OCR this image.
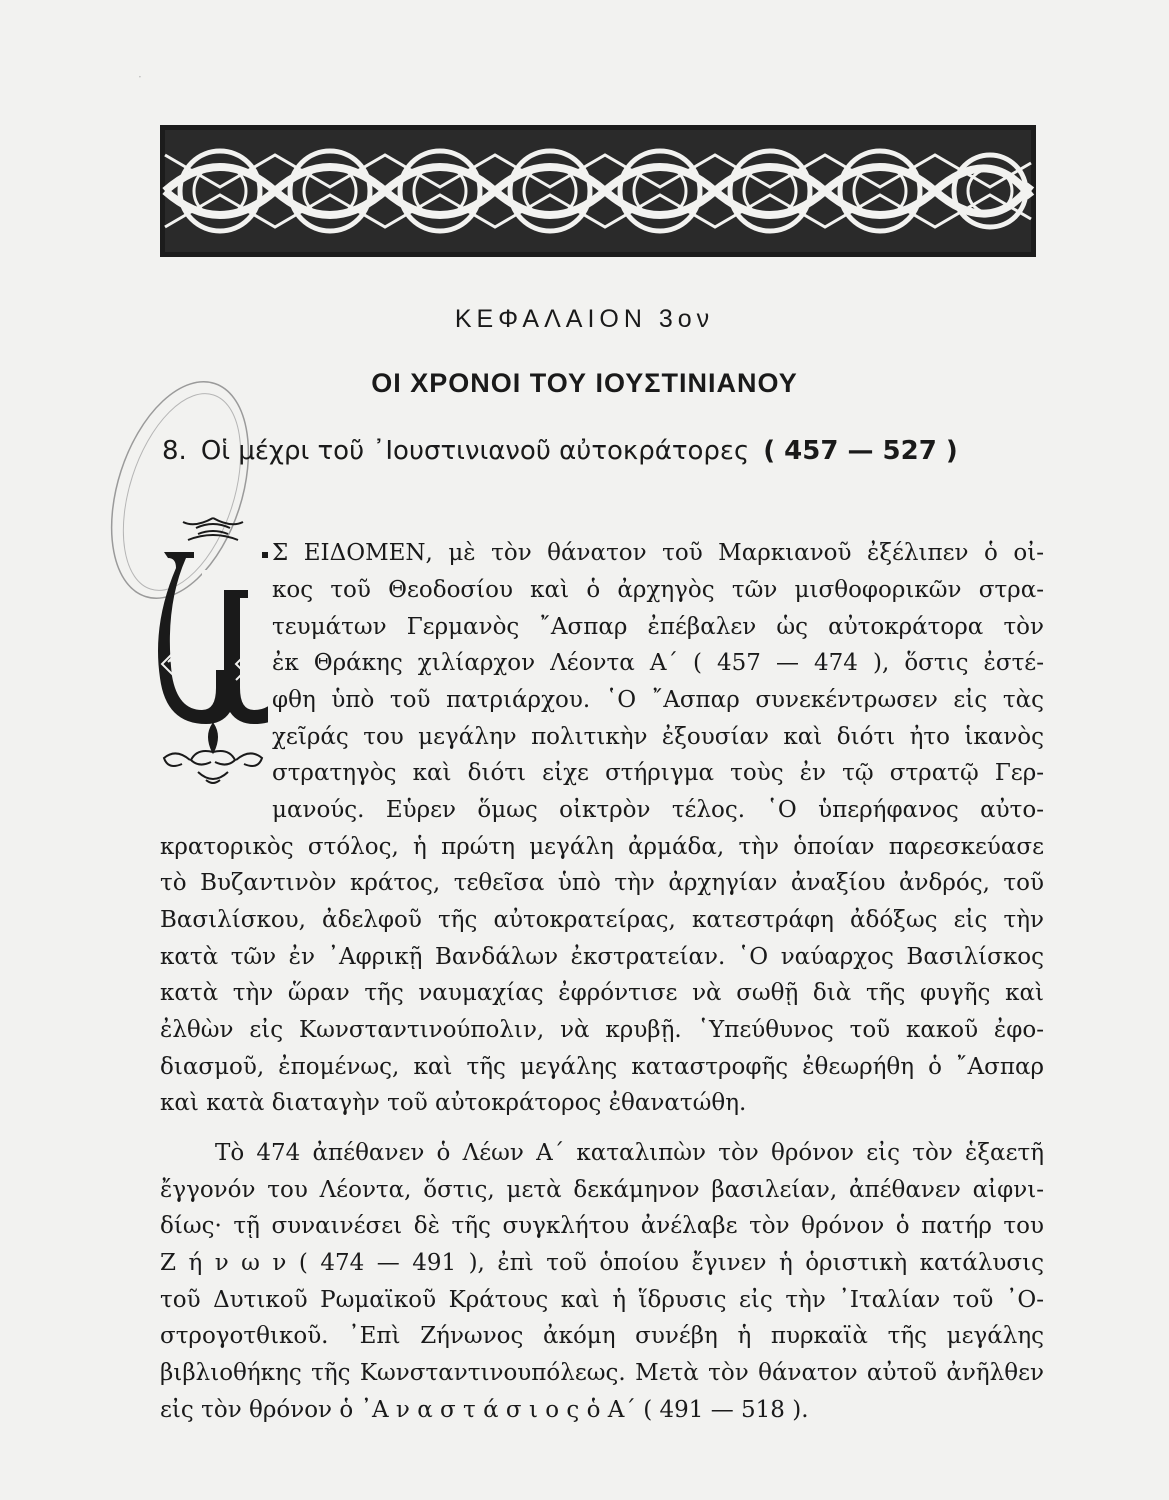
·
ΚΕΦΑΛΑΙΟΝ 3ον
ΟΙ ΧΡΟΝΟΙ ΤΟΥ ΙΟΥΣΤΙΝΙΑΝΟΥ
8. Οἱ μέχρι τοῦ ᾿Ιουστινιανοῦ αὐτοκράτορες ( 457 — 527 )
Σ ΕΙΔΟΜΕΝ, μὲ τὸν θάνατον τοῦ Μαρκιανοῦ ἐξέλιπεν ὁ οἶ-
κος τοῦ Θεοδοσίου καὶ ὁ ἀρχηγὸς τῶν μισθοφορικῶν στρα-
τευμάτων Γερμανὸς ῎Ασπαρ ἐπέβαλεν ὡς αὐτοκράτορα τὸν
ἐκ Θράκης χιλίαρχον Λέοντα Α΄ ( 457 — 474 ), ὅστις ἐστέ-
φθη ὑπὸ τοῦ πατριάρχου. ῾Ο ῎Ασπαρ συνεκέντρωσεν εἰς τὰς
χεῖράς του μεγάλην πολιτικὴν ἐξουσίαν καὶ διότι ἦτο ἱκανὸς
στρατηγὸς καὶ διότι εἶχε στήριγμα τοὺς ἐν τῷ στρατῷ Γερ-
μανούς. Εὗρεν ὅμως οἰκτρὸν τέλος. ῾Ο ὑπερήφανος αὐτο-
κρατορικὸς στόλος, ἡ πρώτη μεγάλη ἀρμάδα, τὴν ὁποίαν παρεσκεύασε
τὸ Βυζαντινὸν κράτος, τεθεῖσα ὑπὸ τὴν ἀρχηγίαν ἀναξίου ἀνδρός, τοῦ
Βασιλίσκου, ἀδελφοῦ τῆς αὐτοκρατείρας, κατεστράφη ἀδόξως εἰς τὴν
κατὰ τῶν ἐν ᾿Αφρικῇ Βανδάλων ἐκστρατείαν. ῾Ο ναύαρχος Βασιλίσκος
κατὰ τὴν ὥραν τῆς ναυμαχίας ἐφρόντισε νὰ σωθῇ διὰ τῆς φυγῆς καὶ
ἐλθὼν εἰς Κωνσταντινούπολιν, νὰ κρυβῇ. ῾Υπεύθυνος τοῦ κακοῦ ἐφο-
διασμοῦ, ἐπομένως, καὶ τῆς μεγάλης καταστροφῆς ἐθεωρήθη ὁ ῎Ασπαρ
καὶ κατὰ διαταγὴν τοῦ αὐτοκράτορος ἐθανατώθη.
Τὸ 474 ἀπέθανεν ὁ Λέων Α΄ καταλιπὼν τὸν θρόνον εἰς τὸν ἑξαετῆ
ἔγγονόν του Λέοντα, ὅστις, μετὰ δεκάμηνον βασιλείαν, ἀπέθανεν αἰφνι-
δίως· τῇ συναινέσει δὲ τῆς συγκλήτου ἀνέλαβε τὸν θρόνον ὁ πατήρ του
Ζ ή ν ω ν ( 474 — 491 ), ἐπὶ τοῦ ὁποίου ἔγινεν ἡ ὁριστικὴ κατάλυσις
τοῦ Δυτικοῦ Ρωμαϊκοῦ Κράτους καὶ ἡ ἵδρυσις εἰς τὴν ᾿Ιταλίαν τοῦ ᾿Ο-
στρογοτθικοῦ. ᾿Επὶ Ζήνωνος ἀκόμη συνέβη ἡ πυρκαϊὰ τῆς μεγάλης
βιβλιοθήκης τῆς Κωνσταντινουπόλεως. Μετὰ τὸν θάνατον αὐτοῦ ἀνῆλθεν
εἰς τὸν θρόνον ὁ ᾿Α ν α σ τ ά σ ι ο ς ὁ Α΄ ( 491 — 518 ).
